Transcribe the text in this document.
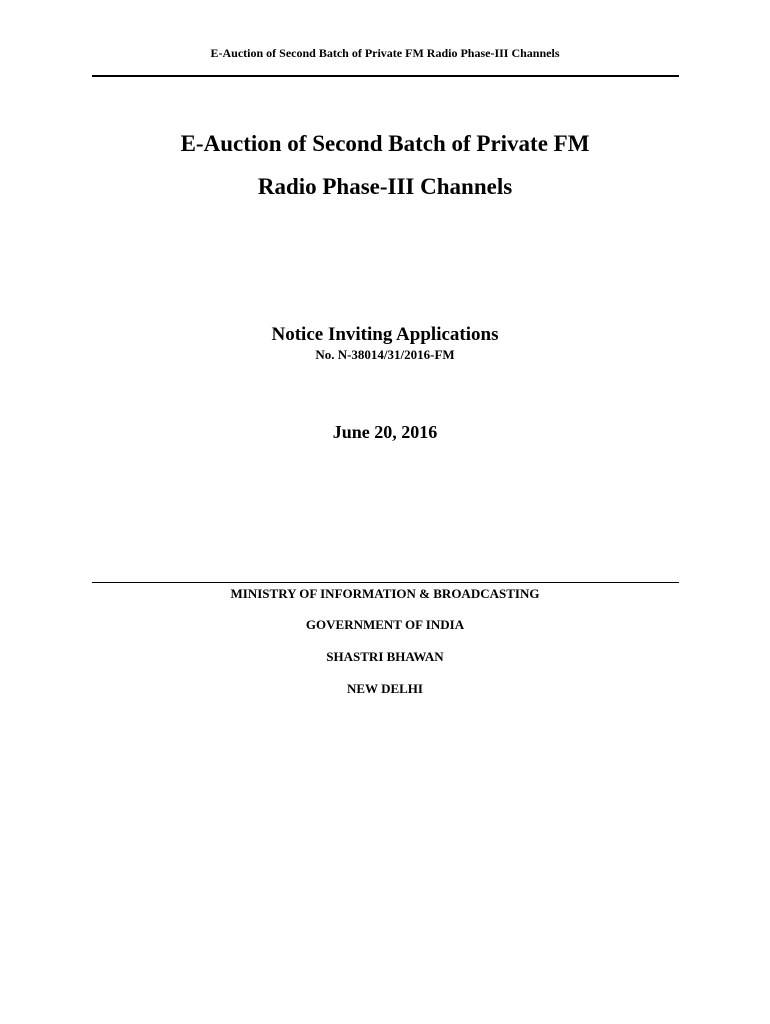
E-Auction of Second Batch of Private FM Radio Phase-III Channels
E-Auction of Second Batch of Private FM
Radio Phase-III Channels
Notice Inviting Applications
No. N-38014/31/2016-FM
June 20, 2016
MINISTRY OF INFORMATION & BROADCASTING
GOVERNMENT OF INDIA
SHASTRI BHAWAN
NEW DELHI
